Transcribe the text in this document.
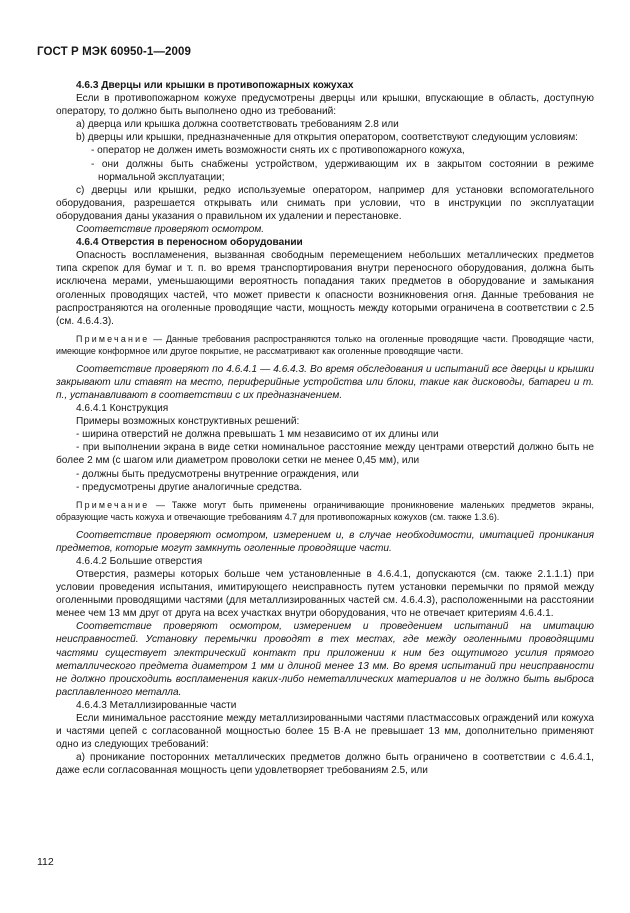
ГОСТ Р МЭК 60950-1—2009

4.6.3 Дверцы или крышки в противопожарных кожухах

Если в противопожарном кожухе предусмотрены дверцы или крышки, впускающие в область, доступную оператору, то должно быть выполнено одно из требований:

а) дверца или крышка должна соответствовать требованиям 2.8 или

b) дверцы или крышки, предназначенные для открытия оператором, соответствуют следующим условиям:

- оператор не должен иметь возможности снять их с противопожарного кожуха,

- они должны быть снабжены устройством, удерживающим их в закрытом состоянии в режиме нормальной эксплуатации;

с) дверцы или крышки, редко используемые оператором, например для установки вспомогательного оборудования, разрешается открывать или снимать при условии, что в инструкции по эксплуатации оборудования даны указания о правильном их удалении и перестановке.

Соответствие проверяют осмотром.

4.6.4 Отверстия в переносном оборудовании

Опасность воспламенения, вызванная свободным перемещением небольших металлических предметов типа скрепок для бумаг и т. п. во время транспортирования внутри переносного оборудования, должна быть исключена мерами, уменьшающими вероятность попадания таких предметов в оборудование и замыкания оголенных проводящих частей, что может привести к опасности возникновения огня. Данные требования не распространяются на оголенные проводящие части, мощность между которыми ограничена в соответствии с 2.5 (см. 4.6.4.3).

Примечание — Данные требования распространяются только на оголенные проводящие части. Проводящие части, имеющие конформное или другое покрытие, не рассматривают как оголенные проводящие части.

Соответствие проверяют по 4.6.4.1 — 4.6.4.3. Во время обследования и испытаний все дверцы и крышки закрывают или ставят на место, периферийные устройства или блоки, такие как дисководы, батареи и т. п., устанавливают в соответствии с их предназначением.

4.6.4.1 Конструкция

Примеры возможных конструктивных решений:

- ширина отверстий не должна превышать 1 мм независимо от их длины или

- при выполнении экрана в виде сетки номинальное расстояние между центрами отверстий должно быть не более 2 мм (с шагом или диаметром проволоки сетки не менее 0,45 мм), или

- должны быть предусмотрены внутренние ограждения, или

- предусмотрены другие аналогичные средства.

Примечание — Также могут быть применены ограничивающие проникновение маленьких предметов экраны, образующие часть кожуха и отвечающие требованиям 4.7 для противопожарных кожухов (см. также 1.3.6).

Соответствие проверяют осмотром, измерением и, в случае необходимости, имитацией проникания предметов, которые могут замкнуть оголенные проводящие части.

4.6.4.2 Большие отверстия

Отверстия, размеры которых больше чем установленные в 4.6.4.1, допускаются (см. также 2.1.1.1) при условии проведения испытания, имитирующего неисправность путем установки перемычки по прямой между оголенными проводящими частями (для металлизированных частей см. 4.6.4.3), расположенными на расстоянии менее чем 13 мм друг от друга на всех участках внутри оборудования, что не отвечает критериям 4.6.4.1.

Соответствие проверяют осмотром, измерением и проведением испытаний на имитацию неисправностей. Установку перемычки проводят в тех местах, где между оголенными проводящими частями существует электрический контакт при приложении к ним без ощутимого усилия прямого металлического предмета диаметром 1 мм и длиной менее 13 мм. Во время испытаний при неисправности не должно происходить воспламенения каких-либо неметаллических материалов и не должно быть выброса расплавленного металла.

4.6.4.3 Металлизированные части

Если минимальное расстояние между металлизированными частями пластмассовых ограждений или кожуха и частями цепей с согласованной мощностью более 15 В·А не превышает 13 мм, дополнительно применяют одно из следующих требований:

а) проникание посторонних металлических предметов должно быть ограничено в соответствии с 4.6.4.1, даже если согласованная мощность цепи удовлетворяет требованиям 2.5, или

112
